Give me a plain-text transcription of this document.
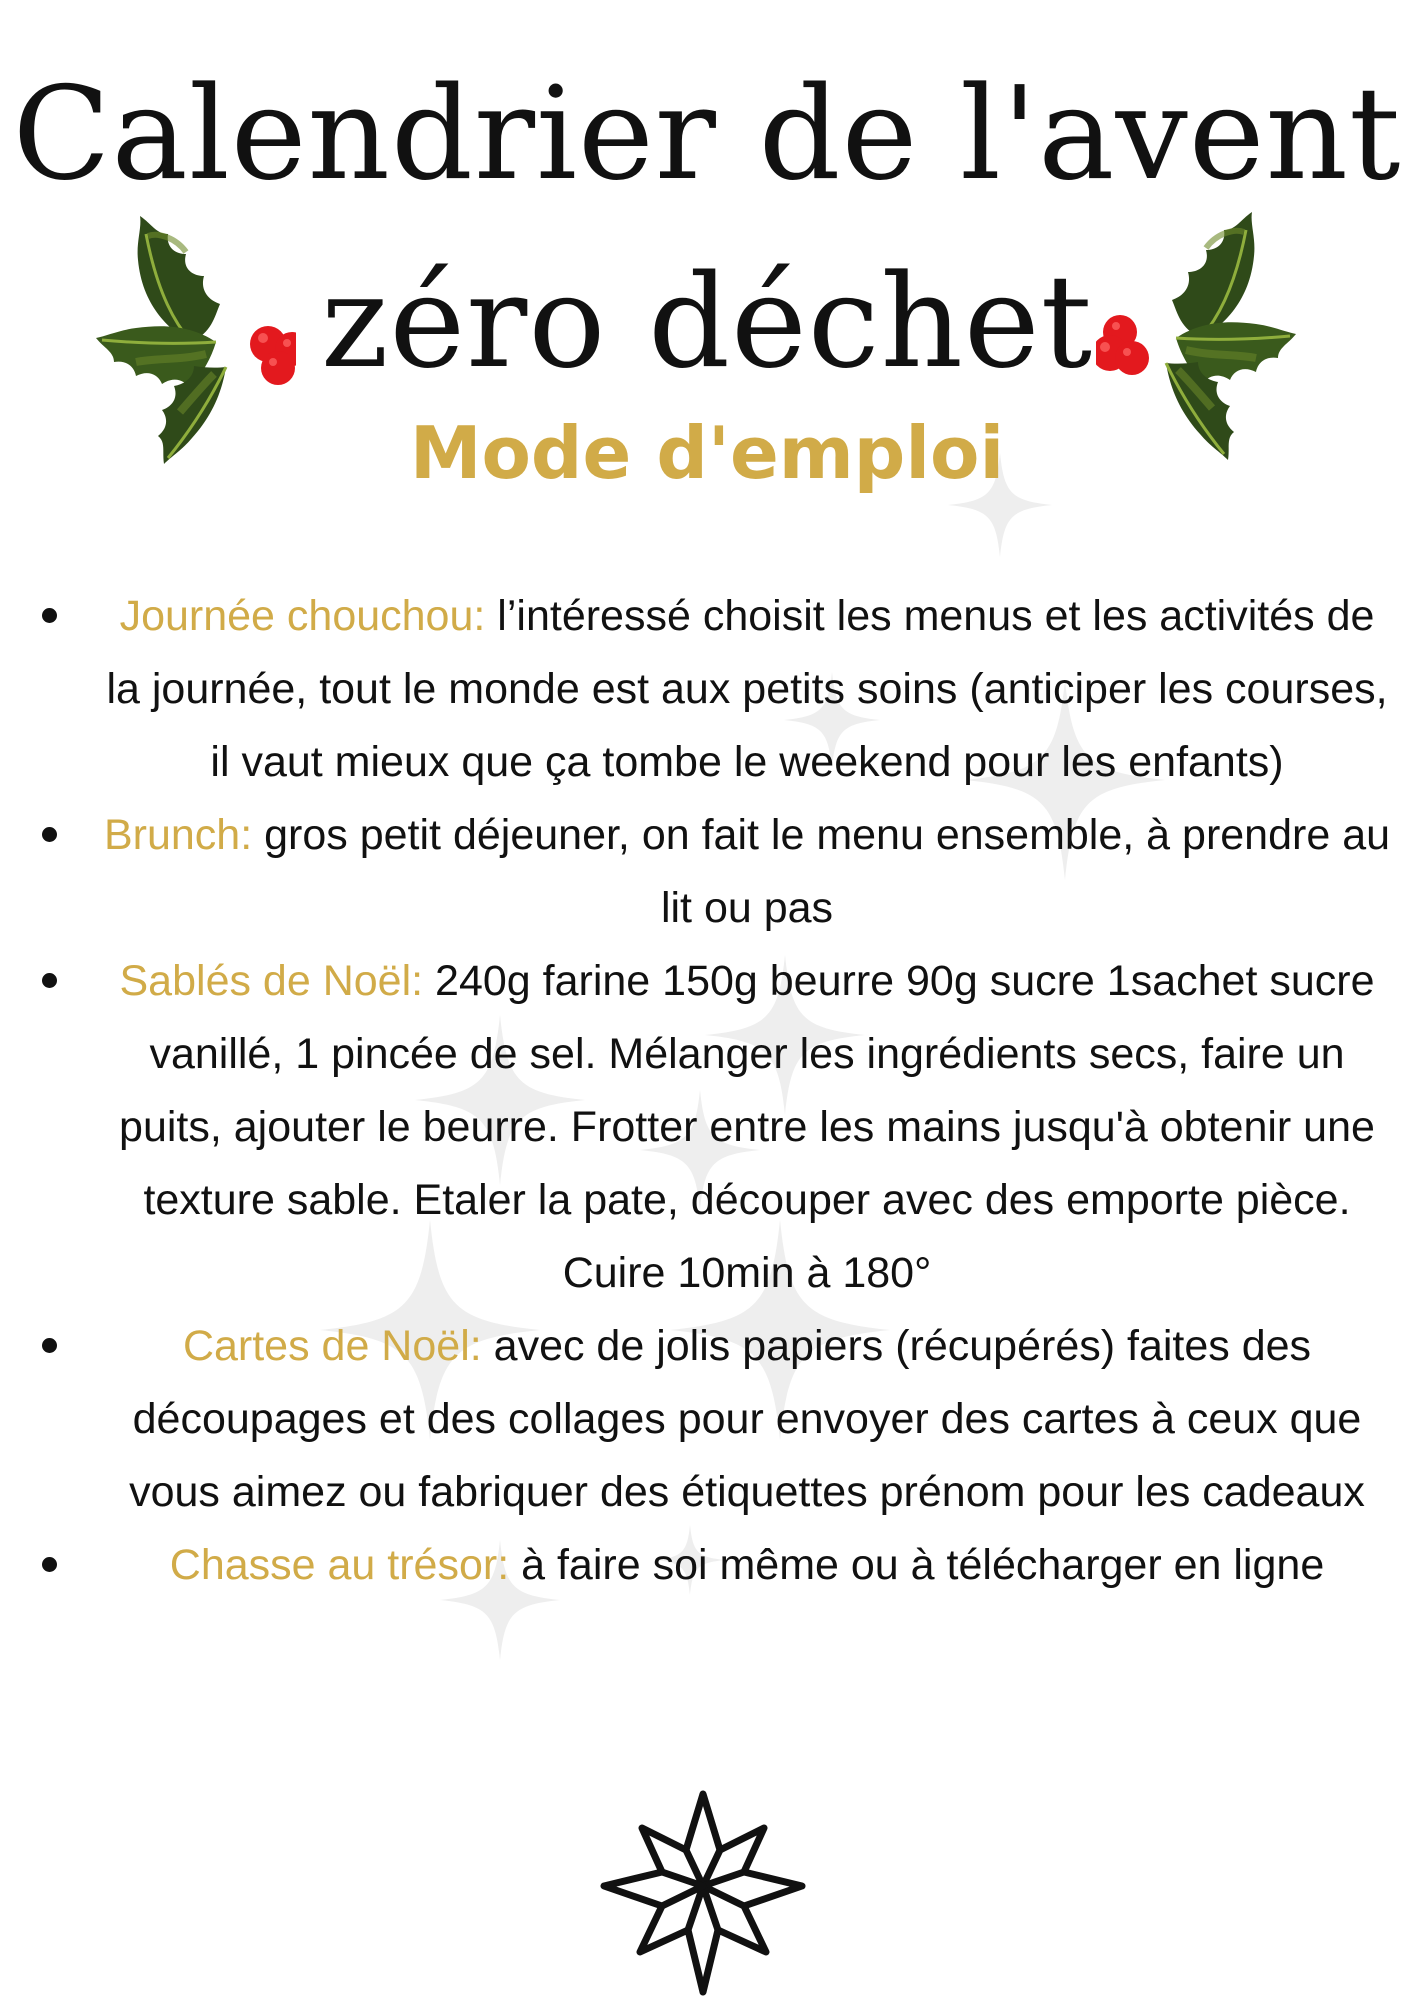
Calendrier de l'avent
zéro déchet
Mode d'emploi
Journée chouchou: l’intéressé choisit les menus et les activités de la journée, tout le monde est aux petits soins (anticiper les courses, il vaut mieux que ça tombe le weekend pour les enfants)
Brunch: gros petit déjeuner, on fait le menu ensemble, à prendre au lit ou pas
Sablés de Noël: 240g farine 150g beurre 90g sucre 1sachet sucre vanillé, 1 pincée de sel. Mélanger les ingrédients secs, faire un puits, ajouter le beurre. Frotter entre les mains jusqu'à obtenir une texture sable. Etaler la pate, découper avec des emporte pièce. Cuire 10min à 180°
Cartes de Noël: avec de jolis papiers (récupérés) faites des découpages et des collages pour envoyer des cartes à ceux que vous aimez ou fabriquer des étiquettes prénom pour les cadeaux
Chasse au trésor: à faire soi même ou à télécharger en ligne
